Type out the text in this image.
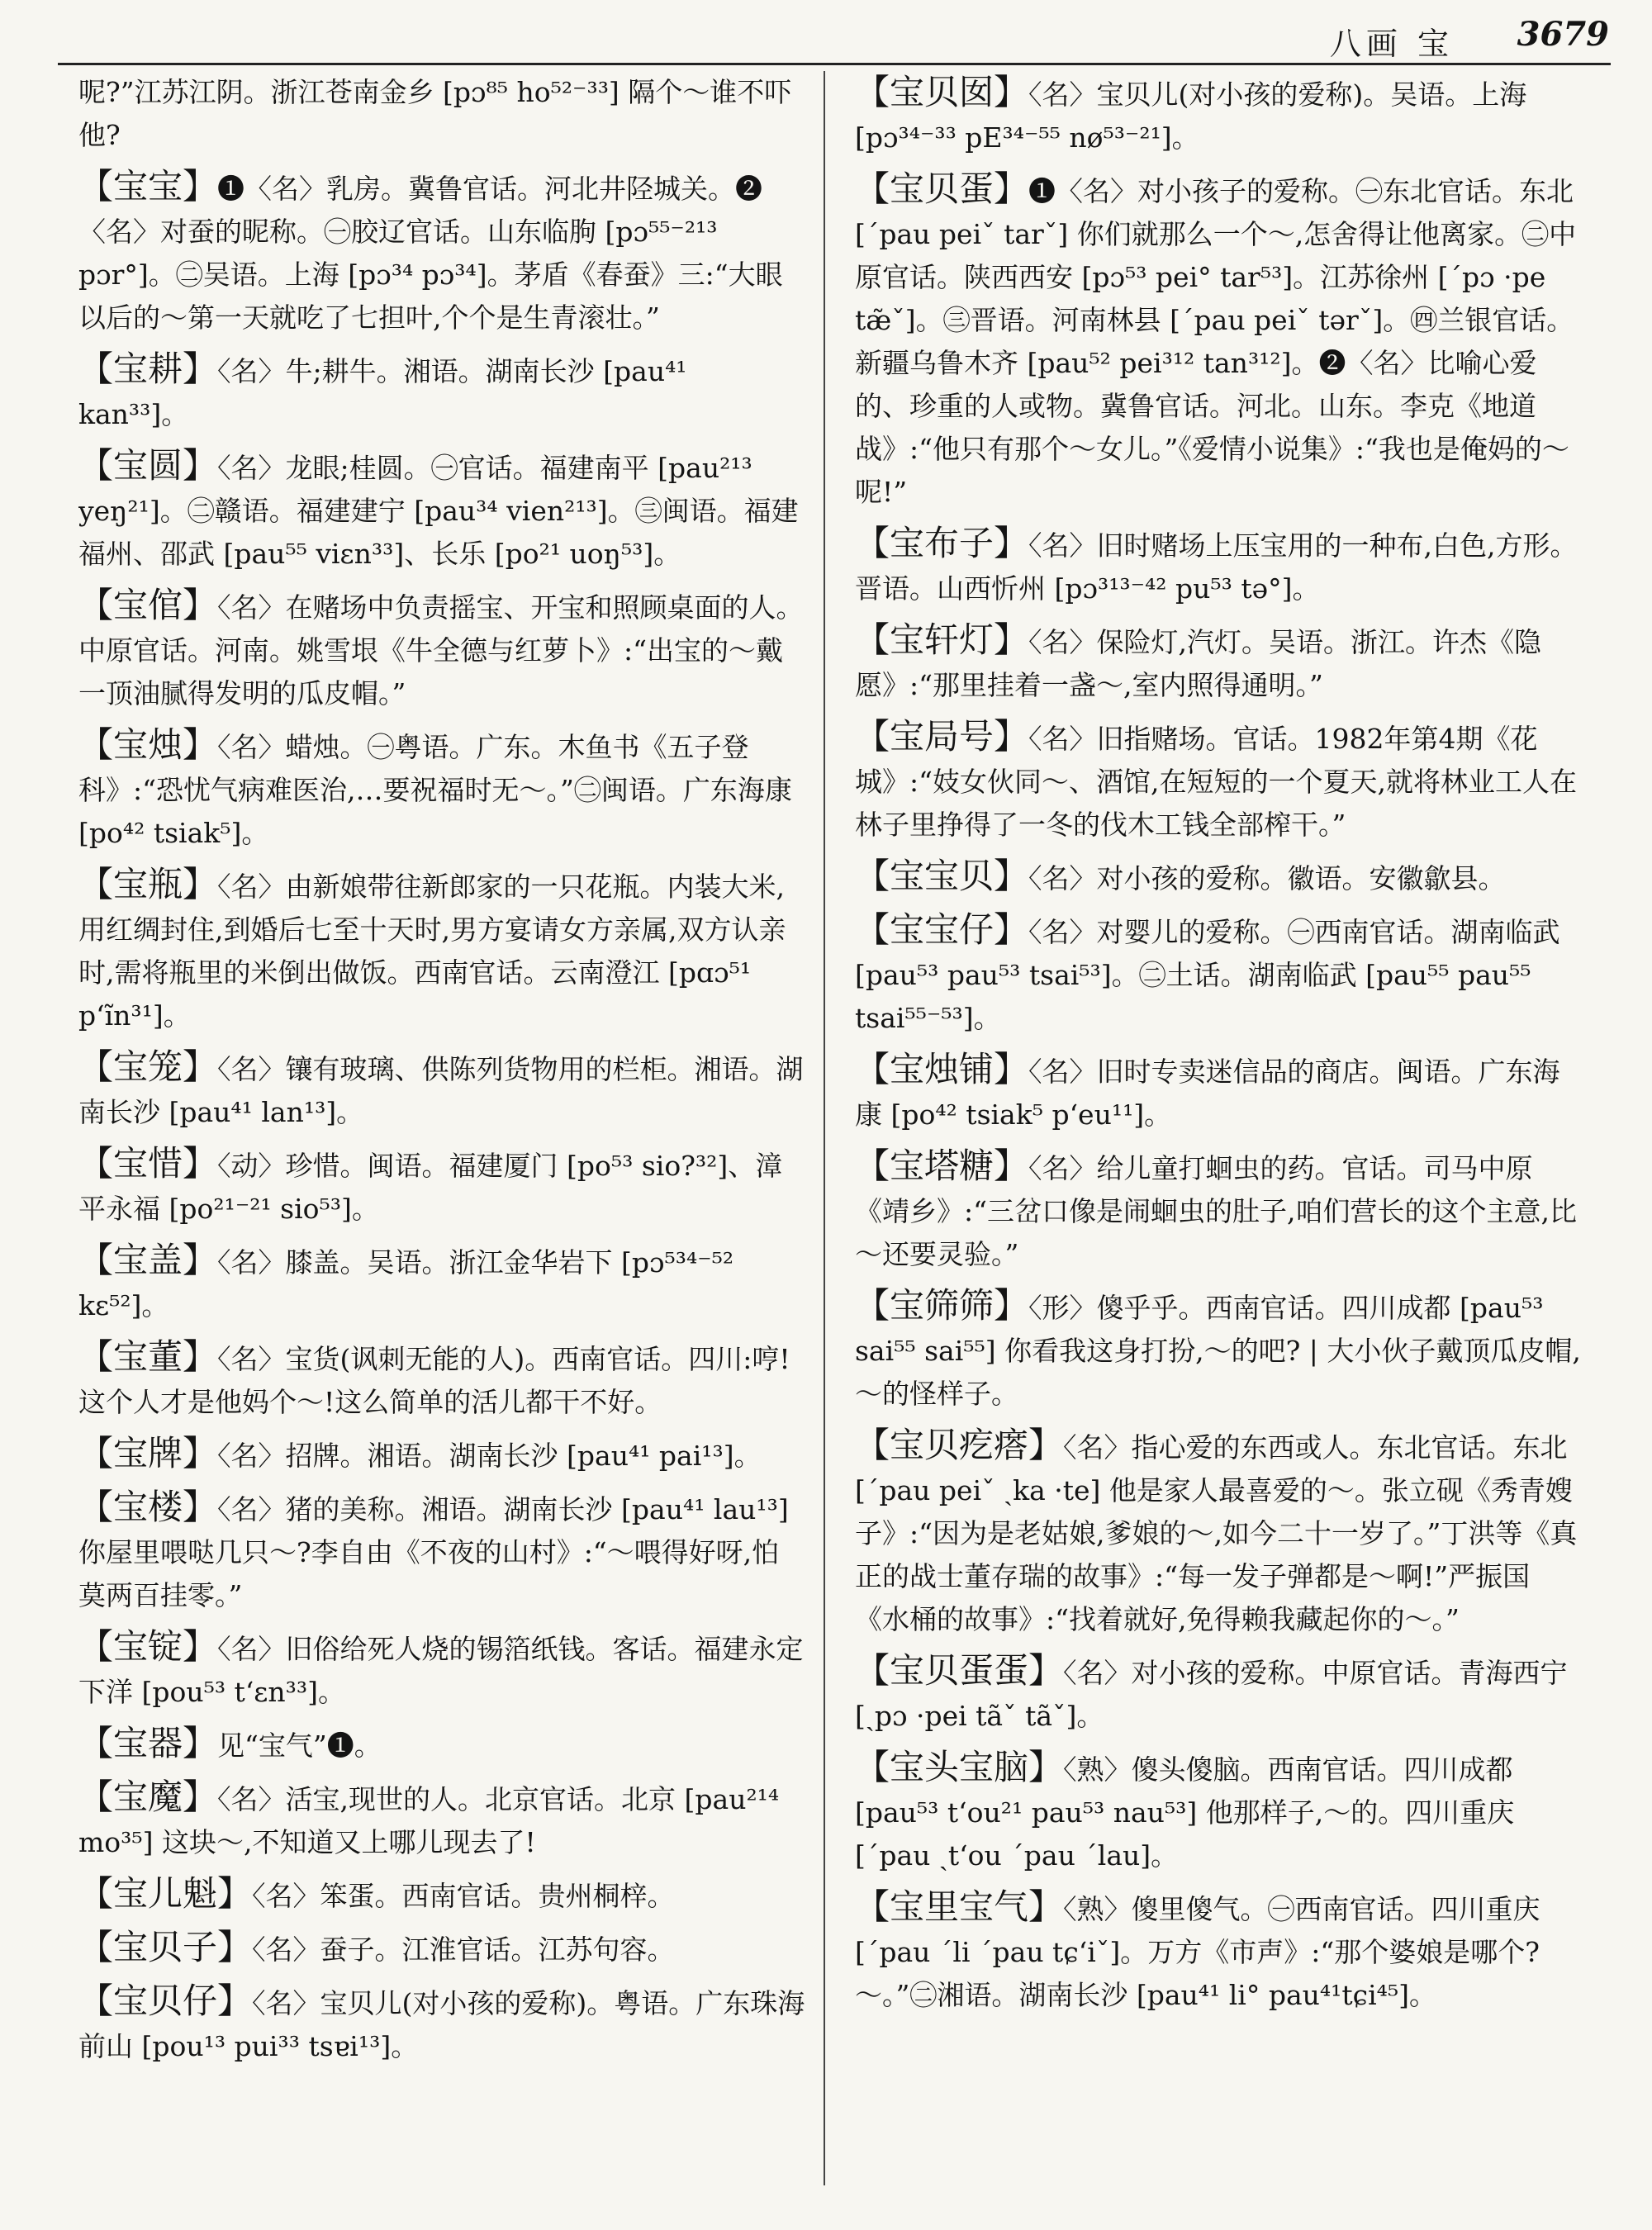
八画 宝 3679

呢?”江苏江阴。浙江苍南金乡 [pɔ⁸⁵ ho⁵²⁻³³] 隔个～谁不吓他?

【宝宝】❶〈名〉乳房。冀鲁官话。河北井陉城关。❷〈名〉对蚕的昵称。㊀胶辽官话。山东临朐 [pɔ⁵⁵⁻²¹³ pɔr°]。㊁吴语。上海 [pɔ³⁴ pɔ³⁴]。茅盾《春蚕》三:“大眼以后的～第一天就吃了七担叶,个个是生青滚壮。”

【宝耕】〈名〉牛;耕牛。湘语。湖南长沙 [pau⁴¹ kan³³]。

【宝圆】〈名〉龙眼;桂圆。㊀官话。福建南平 [pau²¹³ yeŋ²¹]。㊁赣语。福建建宁 [pau³⁴ vien²¹³]。㊂闽语。福建福州、邵武 [pau⁵⁵ viɛn³³]、长乐 [po²¹ uoŋ⁵³]。

【宝倌】〈名〉在赌场中负责摇宝、开宝和照顾桌面的人。中原官话。河南。姚雪垠《牛全德与红萝卜》:“出宝的～戴一顶油腻得发明的瓜皮帽。”

【宝烛】〈名〉蜡烛。㊀粤语。广东。木鱼书《五子登科》:“恐忧气病难医治,…要祝福时无～。”㊁闽语。广东海康 [po⁴² tsiak⁵]。

【宝瓶】〈名〉由新娘带往新郎家的一只花瓶。内装大米,用红绸封住,到婚后七至十天时,男方宴请女方亲属,双方认亲时,需将瓶里的米倒出做饭。西南官话。云南澄江 [pɑɔ⁵¹ pʻĩn³¹]。

【宝笼】〈名〉镶有玻璃、供陈列货物用的栏柜。湘语。湖南长沙 [pau⁴¹ lan¹³]。

【宝惜】〈动〉珍惜。闽语。福建厦门 [po⁵³ sio?³²]、漳平永福 [po²¹⁻²¹ sio⁵³]。

【宝盖】〈名〉膝盖。吴语。浙江金华岩下 [pɔ⁵³⁴⁻⁵² kɛ⁵²]。

【宝董】〈名〉宝货(讽刺无能的人)。西南官话。四川:哼!这个人才是他妈个～!这么简单的活儿都干不好。

【宝牌】〈名〉招牌。湘语。湖南长沙 [pau⁴¹ pai¹³]。

【宝楼】〈名〉猪的美称。湘语。湖南长沙 [pau⁴¹ lau¹³] 你屋里喂哒几只～?李自由《不夜的山村》:“～喂得好呀,怕莫两百挂零。”

【宝锭】〈名〉旧俗给死人烧的锡箔纸钱。客话。福建永定下洋 [pou⁵³ tʻɛn³³]。

【宝器】见“宝气”❶。

【宝魔】〈名〉活宝,现世的人。北京官话。北京 [pau²¹⁴ mo³⁵] 这块～,不知道又上哪儿现去了!

【宝儿魁】〈名〉笨蛋。西南官话。贵州桐梓。

【宝贝子】〈名〉蚕子。江淮官话。江苏句容。

【宝贝仔】〈名〉宝贝儿(对小孩的爱称)。粤语。广东珠海前山 [pou¹³ pui³³ tsɐi¹³]。

【宝贝囡】〈名〉宝贝儿(对小孩的爱称)。吴语。上海 [pɔ³⁴⁻³³ pE³⁴⁻⁵⁵ nø⁵³⁻²¹]。

【宝贝蛋】❶〈名〉对小孩子的爱称。㊀东北官话。东北 [ˊpau peiˇ tarˇ] 你们就那么一个～,怎舍得让他离家。㊁中原官话。陕西西安 [pɔ⁵³ pei° tar⁵³]。江苏徐州 [ˊpɔ ·pe tæ̃ˇ]。㊂晋语。河南林县 [ˊpau peiˇ tərˇ]。㊃兰银官话。新疆乌鲁木齐 [pau⁵² pei³¹² tan³¹²]。❷〈名〉比喻心爱的、珍重的人或物。冀鲁官话。河北。山东。李克《地道战》:“他只有那个～女儿。”《爱情小说集》:“我也是俺妈的～呢!”

【宝布子】〈名〉旧时赌场上压宝用的一种布,白色,方形。晋语。山西忻州 [pɔ³¹³⁻⁴² pu⁵³ tə°]。

【宝轩灯】〈名〉保险灯,汽灯。吴语。浙江。许杰《隐愿》:“那里挂着一盏～,室内照得通明。”

【宝局号】〈名〉旧指赌场。官话。1982年第4期《花城》:“妓女伙同～、酒馆,在短短的一个夏天,就将林业工人在林子里挣得了一冬的伐木工钱全部榨干。”

【宝宝贝】〈名〉对小孩的爱称。徽语。安徽歙县。

【宝宝仔】〈名〉对婴儿的爱称。㊀西南官话。湖南临武 [pau⁵³ pau⁵³ tsai⁵³]。㊁土话。湖南临武 [pau⁵⁵ pau⁵⁵ tsai⁵⁵⁻⁵³]。

【宝烛铺】〈名〉旧时专卖迷信品的商店。闽语。广东海康 [po⁴² tsiak⁵ pʻeu¹¹]。

【宝塔糖】〈名〉给儿童打蛔虫的药。官话。司马中原《靖乡》:“三岔口像是闹蛔虫的肚子,咱们营长的这个主意,比～还要灵验。”

【宝筛筛】〈形〉傻乎乎。西南官话。四川成都 [pau⁵³ sai⁵⁵ sai⁵⁵] 你看我这身打扮,～的吧? | 大小伙子戴顶瓜皮帽,～的怪样子。

【宝贝疙瘩】〈名〉指心爱的东西或人。东北官话。东北 [ˊpau peiˇ ˏka ·te] 他是家人最喜爱的～。张立砚《秀青嫂子》:“因为是老姑娘,爹娘的～,如今二十一岁了。”丁洪等《真正的战士董存瑞的故事》:“每一发子弹都是～啊!”严振国《水桶的故事》:“找着就好,免得赖我藏起你的～。”

【宝贝蛋蛋】〈名〉对小孩的爱称。中原官话。青海西宁 [ˏpɔ ·pei tãˇ tãˇ]。

【宝头宝脑】〈熟〉傻头傻脑。西南官话。四川成都 [pau⁵³ tʻou²¹ pau⁵³ nau⁵³] 他那样子,～的。四川重庆 [ˊpau ˏtʻou ˊpau ˊlau]。

【宝里宝气】〈熟〉傻里傻气。㊀西南官话。四川重庆 [ˊpau ˊli ˊpau tɕʻiˇ]。万方《市声》:“那个婆娘是哪个?～。”㊁湘语。湖南长沙 [pau⁴¹ li° pau⁴¹tɕi⁴⁵]。
